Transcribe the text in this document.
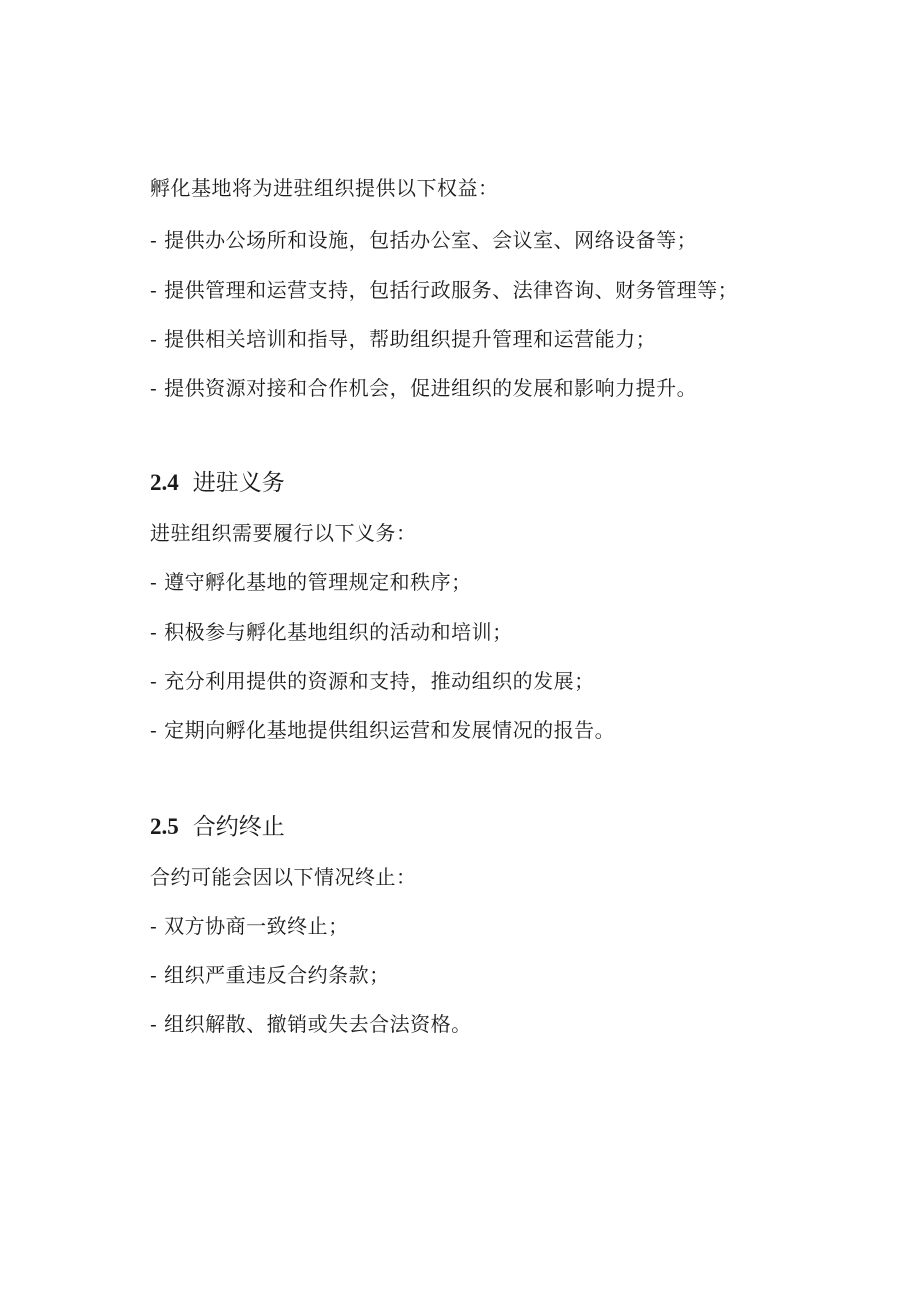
孵化基地将为进驻组织提供以下权益：
- 提供办公场所和设施，包括办公室、会议室、网络设备等；
- 提供管理和运营支持，包括行政服务、法律咨询、财务管理等；
- 提供相关培训和指导，帮助组织提升管理和运营能力；
- 提供资源对接和合作机会，促进组织的发展和影响力提升。
2.4 进驻义务
进驻组织需要履行以下义务：
- 遵守孵化基地的管理规定和秩序；
- 积极参与孵化基地组织的活动和培训；
- 充分利用提供的资源和支持，推动组织的发展；
- 定期向孵化基地提供组织运营和发展情况的报告。
2.5 合约终止
合约可能会因以下情况终止：
- 双方协商一致终止；
- 组织严重违反合约条款；
- 组织解散、撤销或失去合法资格。
